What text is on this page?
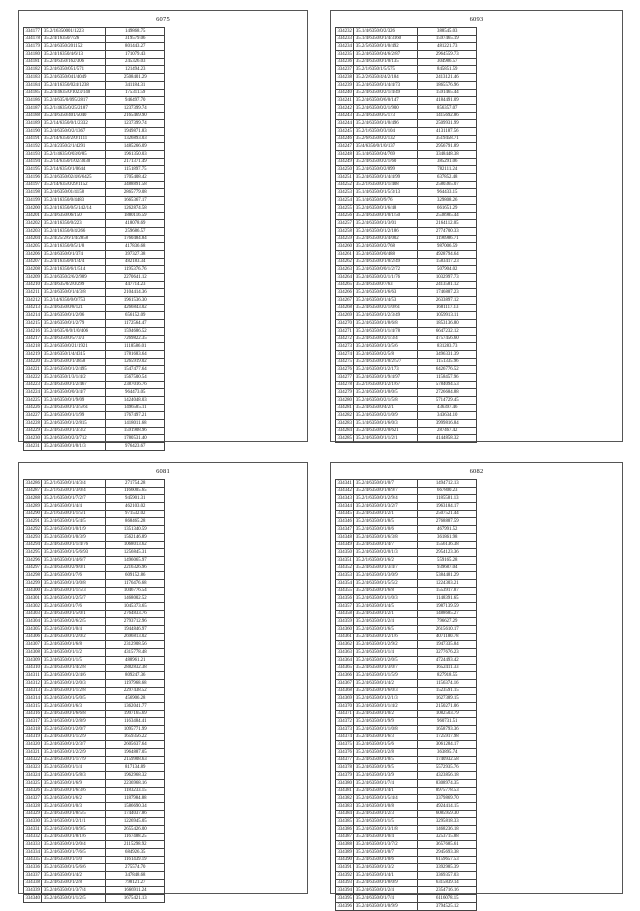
6075
334177	35.2/16350001/1223	149868.75
334178	35.2/4/16350/7/26	319579.06
334179	35.2/4/6350/201152	801443.27
334180	35.2/4/16350/4/6/13	171079.43
334181	35.2/4/6350/162/306	245326.03
334182	35.2/4/6350/051/571	121494.23
334183	35.2/4/6350/041/4049	2508401.29
334184	35.2/4/16350/024/1238	341184.31
334185	35.2/4/4635/0/1023/140	175311.59
334186	35.2/4/635/0/095/2817	946497.70
334187	35.2/1/4635/0/25/2187	1237399.74
334188	35.2/4/6350/401/5040	2165469.90
334189	35.2/14/6350/0/1/2332	1237399.74
334190	35.2/4/6350/0/2/1367	1949871.83
334191	35.2/14/6350/2/0/1111	1326893.03
334192	35.2/4/2350/2/1/4291	1485266.09
334193	35.2/1/4635/0/03/0/85	1961350.03
334194	35.2/14/6350/1/02/3030	2171371.49
334195	35.2/14/635/0/1/0644	1151897.75
334196	35.2/4/6350/02/4/6/6425	1705408.42
334197	35.2/14/635/0/29/1152	3488891.58
334198	35.2/4/6350/01/4158	2865779.08
334199	35.2/4/16350/0/4483	1665367.17
334200	35.2/4/16350/0/5/142/14	1262874.58
334201	35.2/4/6350/06/150	1880116.59
334202	35.2/4/16350/0/223	418078.69
334203	35.2/4/16350/0/4/266	259686.57
334204	35.2/4/25/2/6/1/4/2858	1760484.84
334205	35.2/4/16350/0/5/1/8	417836.68
334206	35.2/4/6350/0/1/374	397327.38
334207	35.2/4/16350/0/1/4/4	482183.34
334208	35.2/4/16350/6/1/514	1195376.76
334209	35.2/4/6350/2/6/2/989	2270641.12
334210	35.2/4/635/0/2/0/299	447714.23
334211	35.2/4/6350/0/1/4/3/8	2104414.36
334212	35.2/14/6350/0/0/753	1961536.30
334213	35.2/4/6350/0/8/121	4266843.02
334214	35.2/4/6350/0/1/2/06	656152.09
334215	35.2/4/6350/0/1/2/79	1172564.47
334216	35.2/4/635/0/0/1/0/406	1594686.52
334217	35.2/4/6350/0/5/73/3	7269822.35
334218	35.2/4/6350/0/21/1921	1118586.01
334219	35.2/4/6350/1/4/4315	1781683.64
334220	35.2/4/6350/0/1/3858	1265919.02
334221	35.2/4/6350/0/1/2/495	1547477.64
334222	35.2/4/6350/1/3/1/4/2	1567500.54
334223	35.2/4/6350/0/1/2/467	2387016.76
334224	35.2/4/6350/0/0/3/4/7	964473.05
334225	35.2/4/6350/0/1/9/09	1424048.03
334226	35.2/4/6350/0/1/3/5/61	1496585.11
334227	35.2/4/6350/0/1/1/99	1767497.21
334228	35.2/4/6350/0/1/2/815	1418011.68
334229	35.2/4/6350/0/1/3/3/2	1591908.96
334230	35.2/4/6350/0/2/3/712	1780531.40
334231	35.2/4/6350/0/1/0/1/3	976423.67
6093
334232	35.1/4/6350/0/2/326	388545.03
334233	35.1/4/6350/0/1/4/3160	1597465.19
334234	35.2/5/6350/0/1/0/492	481221.73
334235	35.2/4/6350/0/4/6/2/87	2964559.73
334236	35.2/4/6350/0/1/0/135	304986.57
334237	35.2/1/6350/1/5/575	845851.59
334238	35.2/2/6350/4/4/2/184	2413121.46
334239	35.2/4/6350/0/1/4/4/73	1865576.96
334240	35.2/4/6350/0/2/1/4/49	1591465.44
334241	35.2/4/6350/0/6/0/147	4184491.09
334242	35.2/4/6350/0/2/1/900	856357.07
334243	35.2/4/6350/0/5/173	1415692.86
334244	35.2/4/6350/0/1/0/496	2509931.99
334245	35.2/1/6350/0/3/104	4131187.56
334246	35.2/6/6350/0/2/132	3519458.71
334247	35/4/6350/0/1/0/137	2956791.89
334248	35.1/4/6350/0/4/769	3348448.38
334249	35.2/4/6350/0/2/1/60	385291.06
334250	35.2/4/6350/0/2/099	782111.24
334251	35.2/4/6350/0/1/4/4/99	637852.48
334252	35.2/1/6350/0/1/1/408	2580365.07
334253	35.1/4/6350/0/1/5/3/13	964433.15
334254	35.1/4/6350/0/9/76	329808.26
334255	35.2/4/6350/0/1/6/48	661651.29
334256	35.2/4/6350/0/1/0/1/50	2538985.44
334257	35.2/4/6350/0/1/3/01	2164112.05
334258	35.2/4/6350/0/1/2/186	2774700.33
334259	35.2/4/6350/0/3/4/002	1196986.71
334260	35.2/4/6350/0/2/768	987006.59
334261	35.2/4/6350/0/0/488	4928794.64
334262	35.2/4/6350/0/1/0/2/49	1583417.23
334263	35.2/4/6350/0/0/1/2/72	507904.02
334264	35.2/4/6350/0/2/1/1/76	1032997.73
334265	35.2/4/6350/0/7/63	2413581.12
334266	35.2/4/6350/0/1/6/63	1746887.23
334267	35.2/4/6350/0/1/4/53	2633897.12
334268	35.2/4/6350/0/2/1/0/61	1681117.13
334269	35.2/4/6350/0/1/2/3/49	1059913.11
334270	35.2/4/6350/0/1/8/6/8	1853136.80
334271	35.2/4/6350/0/1/1/4/78	6647232.12
334272	35.2/4/6350/0/2/1/3/4	4757456.60
334273	35.2/4/6350/0/1/3/5/6	831283.73
334274	35.2/4/6350/0/2/5/8	3496331.39
334275	35.2/4/6350/0/1/0/2/5/7	1151335.96
334276	35.2/4/6350/0/1/2/173	6426776.52
334277	35.2/4/6350/0/1/9/4/97	1158457.96
334278	35.2/1/6350/0/1/2/1/67	5784094.53
334279	35.2/4/6350/0/1/0/0/5	2726684.88
334280	35.2/4/6350/0/2/1/5/8	5714729.45
334281	35.2/4/6350/0/4/2/1	436397.46
334282	35.2/4/6350/0/2/1/0/9	343634.10
334283	35.1/4/6350/0/1/6/0/3	3999816.84
334284	35.2/4/6350/0/2/0/621	287467.42
334285	35.2/4/6350/0/1/1/2/1	4144858.32
6081
334286	35.2/1/6350/0/1/4/3/4	271754.28
334287	35.2/1/6350/0/1/3/0/4	1166005.65
334288	35.2/1/6350/0/1/7/2/7	945901.31
334289	35.2/4/6350/0/1/4/4	462103.02
334290	35.2/1/6350/0/1/1/5/1	971532.02
334291	35.2/4/6350/0/1/5/4/5	868465.28
334292	35.2/4/6350/0/1/0/1/9	1351340.59
334293	35.2/4/6350/0/1/0/3/9	1562146.89
334294	35.2/4/6350/0/1/1/4/76	1068013.62
334295	35.2/4/6350/0/1/5/6/93	1256845.31
334296	35.2/4/6350/0/1/4/6/7	1496065.97
334297	35.2/4/6350/0/2/9/0/1	2216326.96
334298	35.2/4/6350/0/1/7/6	609152.86
334299	35.2/4/6350/0/1/3/0/8	1176476.68
334300	35.2/4/6350/0/1/1/5/3	1046776.54
334301	35.2/4/6350/0/1/2/5/7	1468002.52
334302	35.2/4/6350/0/1/7/6	1045373.65
334303	35.2/4/6350/0/1/5/0/1	2764833.76
334304	35.2/4/6350/0/2/6/2/5	2793712.96
334305	35.2/4/6350/0/1/0/4	1944846.97
334306	35.2/4/6350/0/1/2/0/2	2696813.02
334307	35.2/4/6350/0/1/6/8	2312908.56
334308	35.2/4/6350/0/1/1/2	4315778.48
334309	35.2/4/6350/0/1/1/5	488961.21
334310	35.2/4/6350/0/1/4/2/8	2882832.38
334311	35.2/4/6350/0/1/2/4/6	809247.36
334312	35.2/4/6350/0/1/2/0/3	1197968.68
334313	35.2/4/6350/0/1/1/2/8	2297438.52
334314	35.2/4/6350/0/1/5/0/5	456906.28
334315	35.2/4/6350/0/1/6/3	1362041.77
334316	35.2/4/6350/0/1/6/6/8	1997165.69
334317	35.2/4/6350/0/1/2/8/9	1163484.41
334318	35.2/4/6350/0/1/2/0/7	1095771.99
334319	35.2/4/6350/0/1/1/2/9	1659356.22
334320	35.2/4/6350/0/1/2/3/7	2605637.64
334321	35.2/4/6350/0/1/2/2/9	1964887.05
334322	35.2/4/6350/0/1/1/7/9	2159908.63
334323	35.2/4/6350/0/1/1/4	817134.89
334324	35.2/4/6350/0/1/5/8/3	1962968.32
334325	35.2/4/6350/0/1/6/9	2236968.16
334326	35.2/4/6350/0/1/6/3/6	1183233.15
334327	35.2/4/6350/0/1/6/2	1187984.88
334328	35.2/4/6350/0/1/0/3	1586690.34
334329	35.2/4/6350/0/1/8/5/5	1744037.86
334330	35.2/4/6350/0/1/2/1/1	1226945.05
334331	35.2/4/6350/0/1/0/9/5	2655426.00
334332	35.2/4/6350/0/1/8/1/6	1167488.25
334333	35.2/4/6350/0/1/2/0/4	2115298.92
334334	35.2/4/6350/0/1/7/6/5	684926.35
334335	35.2/4/6350/0/1/1/0	1161439.19
334336	35.2/4/6350/0/1/5/6/6	275574.70
334337	35.2/4/6350/0/1/4/2	347848.68
334338	35.2/4/6350/0/1/2/8	798121.27
334339	35.2/4/6350/0/1/3/7/4	1666911.24
334340	35.2/4/6350/0/1/1/2/5	1675421.13
6082
334341	35.2/4/6350/0/1/0/7	1494712.13
334342	35.2/4/6350/0/1/8/9/7	667800.23
334343	35.2/1/6350/0/1/2/9/4	1185581.13
334344	35.2/4/6350/0/1/3/2/7	1963184.17
334345	35.2/4/6350/0/1/2/1	2507521.44
334346	35.2/4/6350/0/1/8/5	2768887.59
334347	35.2/4/6350/0/1/0/6	467991.52
334348	35.2/4/6350/0/1/6/3/8	361861.98
334349	35.2/4/6350/0/1/4/7	1556136.38
334350	35.2/4/6350/0/2/0/1/3	2954123.36
334351	35.2/1/6350/0/1/6/2	559165.28
334352	35.2/4/6350/0/1/3/4/7	939687.04
334353	35.2/4/6350/0/1/3/0/9	5384481.29
334354	35.2/4/6350/0/1/5/5/2	1224303.21
334355	35.2/4/6350/0/1/6/8	1553917.87
334356	35.2/4/6350/0/1/1/0/3	1148391.65
334357	35.2/4/6350/0/1/4/5	1987139.59
334358	35.2/4/6350/0/1/2/1	1488685.27
334359	35.2/4/6350/0/1/2/4	796627.29
334360	35.2/4/6350/0/1/6/5	2615610.17
334361	35.2/4/6350/0/1/2/1/6	4071180.78
334362	35.2/4/6350/0/1/2/9/2	1947335.84
334363	35.2/4/6350/0/1/1/4	3277676.23
334364	35.2/4/6350/0/1/2/0/5	4724493.42
334365	35.2/4/6350/0/1/3/0/7	1652411.33
334366	35.2/4/6350/0/1/1/5/9	827918.55
334367	35.2/4/6350/0/1/4/2	1156374.16
334368	35.2/4/6350/0/1/6/0/3	1523591.15
334369	35.2/4/6350/0/1/2/1/3	1627389.15
334370	35.2/4/6350/0/1/1/4/2	2150271.06
334371	35.2/4/6350/0/1/0/2	1082503.79
334372	35.2/4/6350/0/1/9/9	960731.51
334373	35.2/4/6350/0/1/1/0/8	1658793.36
334374	35.2/4/6350/0/1/6/3	1725917.98
334375	35.2/4/6350/0/1/5/6	3061284.17
334376	35.2/4/6350/0/1/2/8	363895.74
334377	35.2/4/6350/0/1/0/5	1740932.58
334378	35.2/4/6350/0/1/9/5	5572935.76
334379	35.2/4/6350/0/1/3/9	4323856.18
334380	35.2/4/6350/0/1/7/4	8308974.35
334381	35.2/4/6350/0/1/4/1	8975778.53
334382	35.2/4/6350/0/1/5/4/4	3379869.70
334383	35.2/4/6350/0/1/0/8	4924414.15
334384	35.2/4/6350/0/1/2/3	6085959.30
334385	35.2/4/6350/0/1/1/5	3295818.33
334386	35.2/4/6350/0/1/3/1/8	1468236.18
334387	35.2/4/6350/0/1/0/4	3253715.88
334388	35.2/4/6350/0/1/3/7/2	3657685.61
334389	35.2/4/6350/0/1/0/7	2945693.38
334390	35.2/4/6350/0/1/0/6	6159657.53
334391	35.2/4/6350/0/1/3/2	3392985.39
334392	35.2/4/6350/0/1/4/1	3369357.03
334393	35.2/4/6350/0/1/8/0/9	6315839.14
334394	35.2/4/6350/0/1/2/4	2354716.16
334395	35.2/4/6350/0/1/7/4	6116078.15
334396	35.2/4/6350/0/1/0/9/9	3794525.12
